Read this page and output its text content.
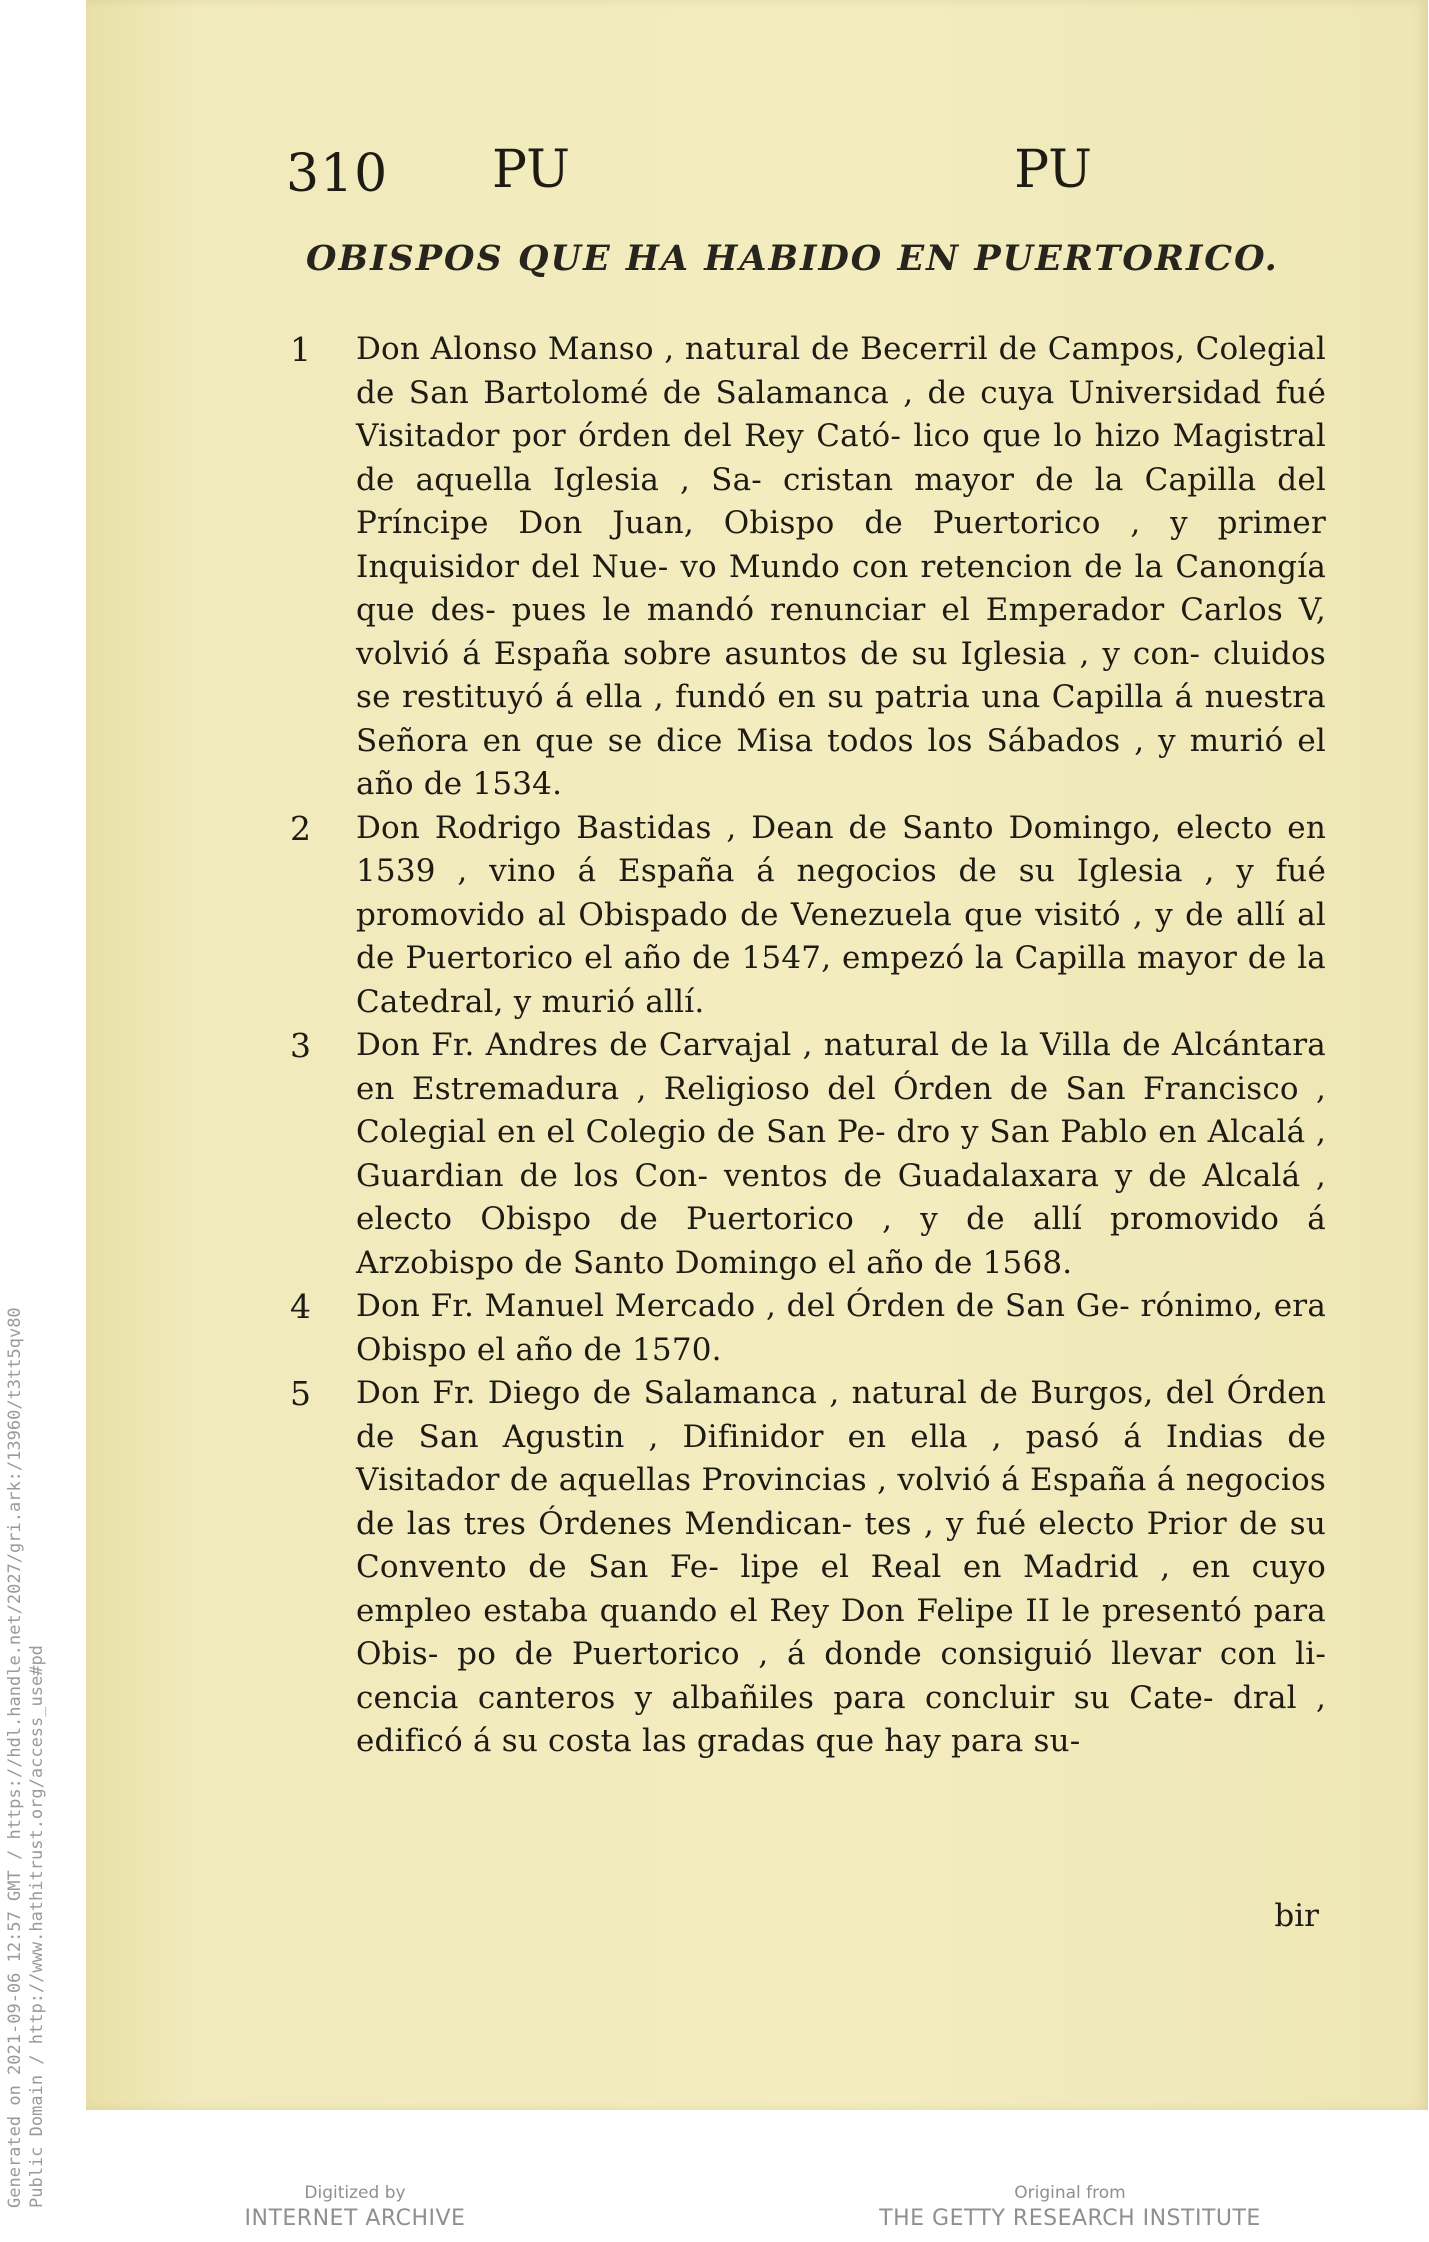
Generated on 2021-09-06 12:57 GMT / https://hdl.handle.net/2027/gri.ark:/13960/t3tt5qv80 Public Domain / http://www.hathitrust.org/access_use#pd
310 PU	PU
OBISPOS QUE HA HABIDO EN PUERTORICO.
1 Don Alonso Manso , natural de Becerril de Campos, Colegial de San Bartolomé de Salamanca , de cuya Universidad fué Visitador por órden del Rey Cató- lico que lo hizo Magistral de aquella Iglesia , Sa- cristan mayor de la Capilla del Príncipe Don Juan, Obispo de Puertorico , y primer Inquisidor del Nue- vo Mundo con retencion de la Canongía que des- pues le mandó renunciar el Emperador Carlos V, volvió á España sobre asuntos de su Iglesia , y con- cluidos se restituyó á ella , fundó en su patria una Capilla á nuestra Señora en que se dice Misa todos los Sábados , y murió el año de 1534.
2 Don Rodrigo Bastidas , Dean de Santo Domingo, electo en 1539 , vino á España á negocios de su Iglesia , y fué promovido al Obispado de Venezuela que visitó , y de allí al de Puertorico el año de 1547, empezó la Capilla mayor de la Catedral, y murió allí.
3 Don Fr. Andres de Carvajal , natural de la Villa de Alcántara en Estremadura , Religioso del Órden de San Francisco , Colegial en el Colegio de San Pe- dro y San Pablo en Alcalá , Guardian de los Con- ventos de Guadalaxara y de Alcalá , electo Obispo de Puertorico , y de allí promovido á Arzobispo de Santo Domingo el año de 1568.
4 Don Fr. Manuel Mercado , del Órden de San Ge- rónimo, era Obispo el año de 1570.
5 Don Fr. Diego de Salamanca , natural de Burgos, del Órden de San Agustin , Difinidor en ella , pasó á Indias de Visitador de aquellas Provincias , volvió á España á negocios de las tres Órdenes Mendican- tes , y fué electo Prior de su Convento de San Fe- lipe el Real en Madrid , en cuyo empleo estaba quando el Rey Don Felipe II le presentó para Obis- po de Puertorico , á donde consiguió llevar con li- cencia canteros y albañiles para concluir su Cate- dral , edificó á su costa las gradas que hay para su-
bir
Digitized by
INTERNET ARCHIVE
Original from
THE GETTY RESEARCH INSTITUTE
